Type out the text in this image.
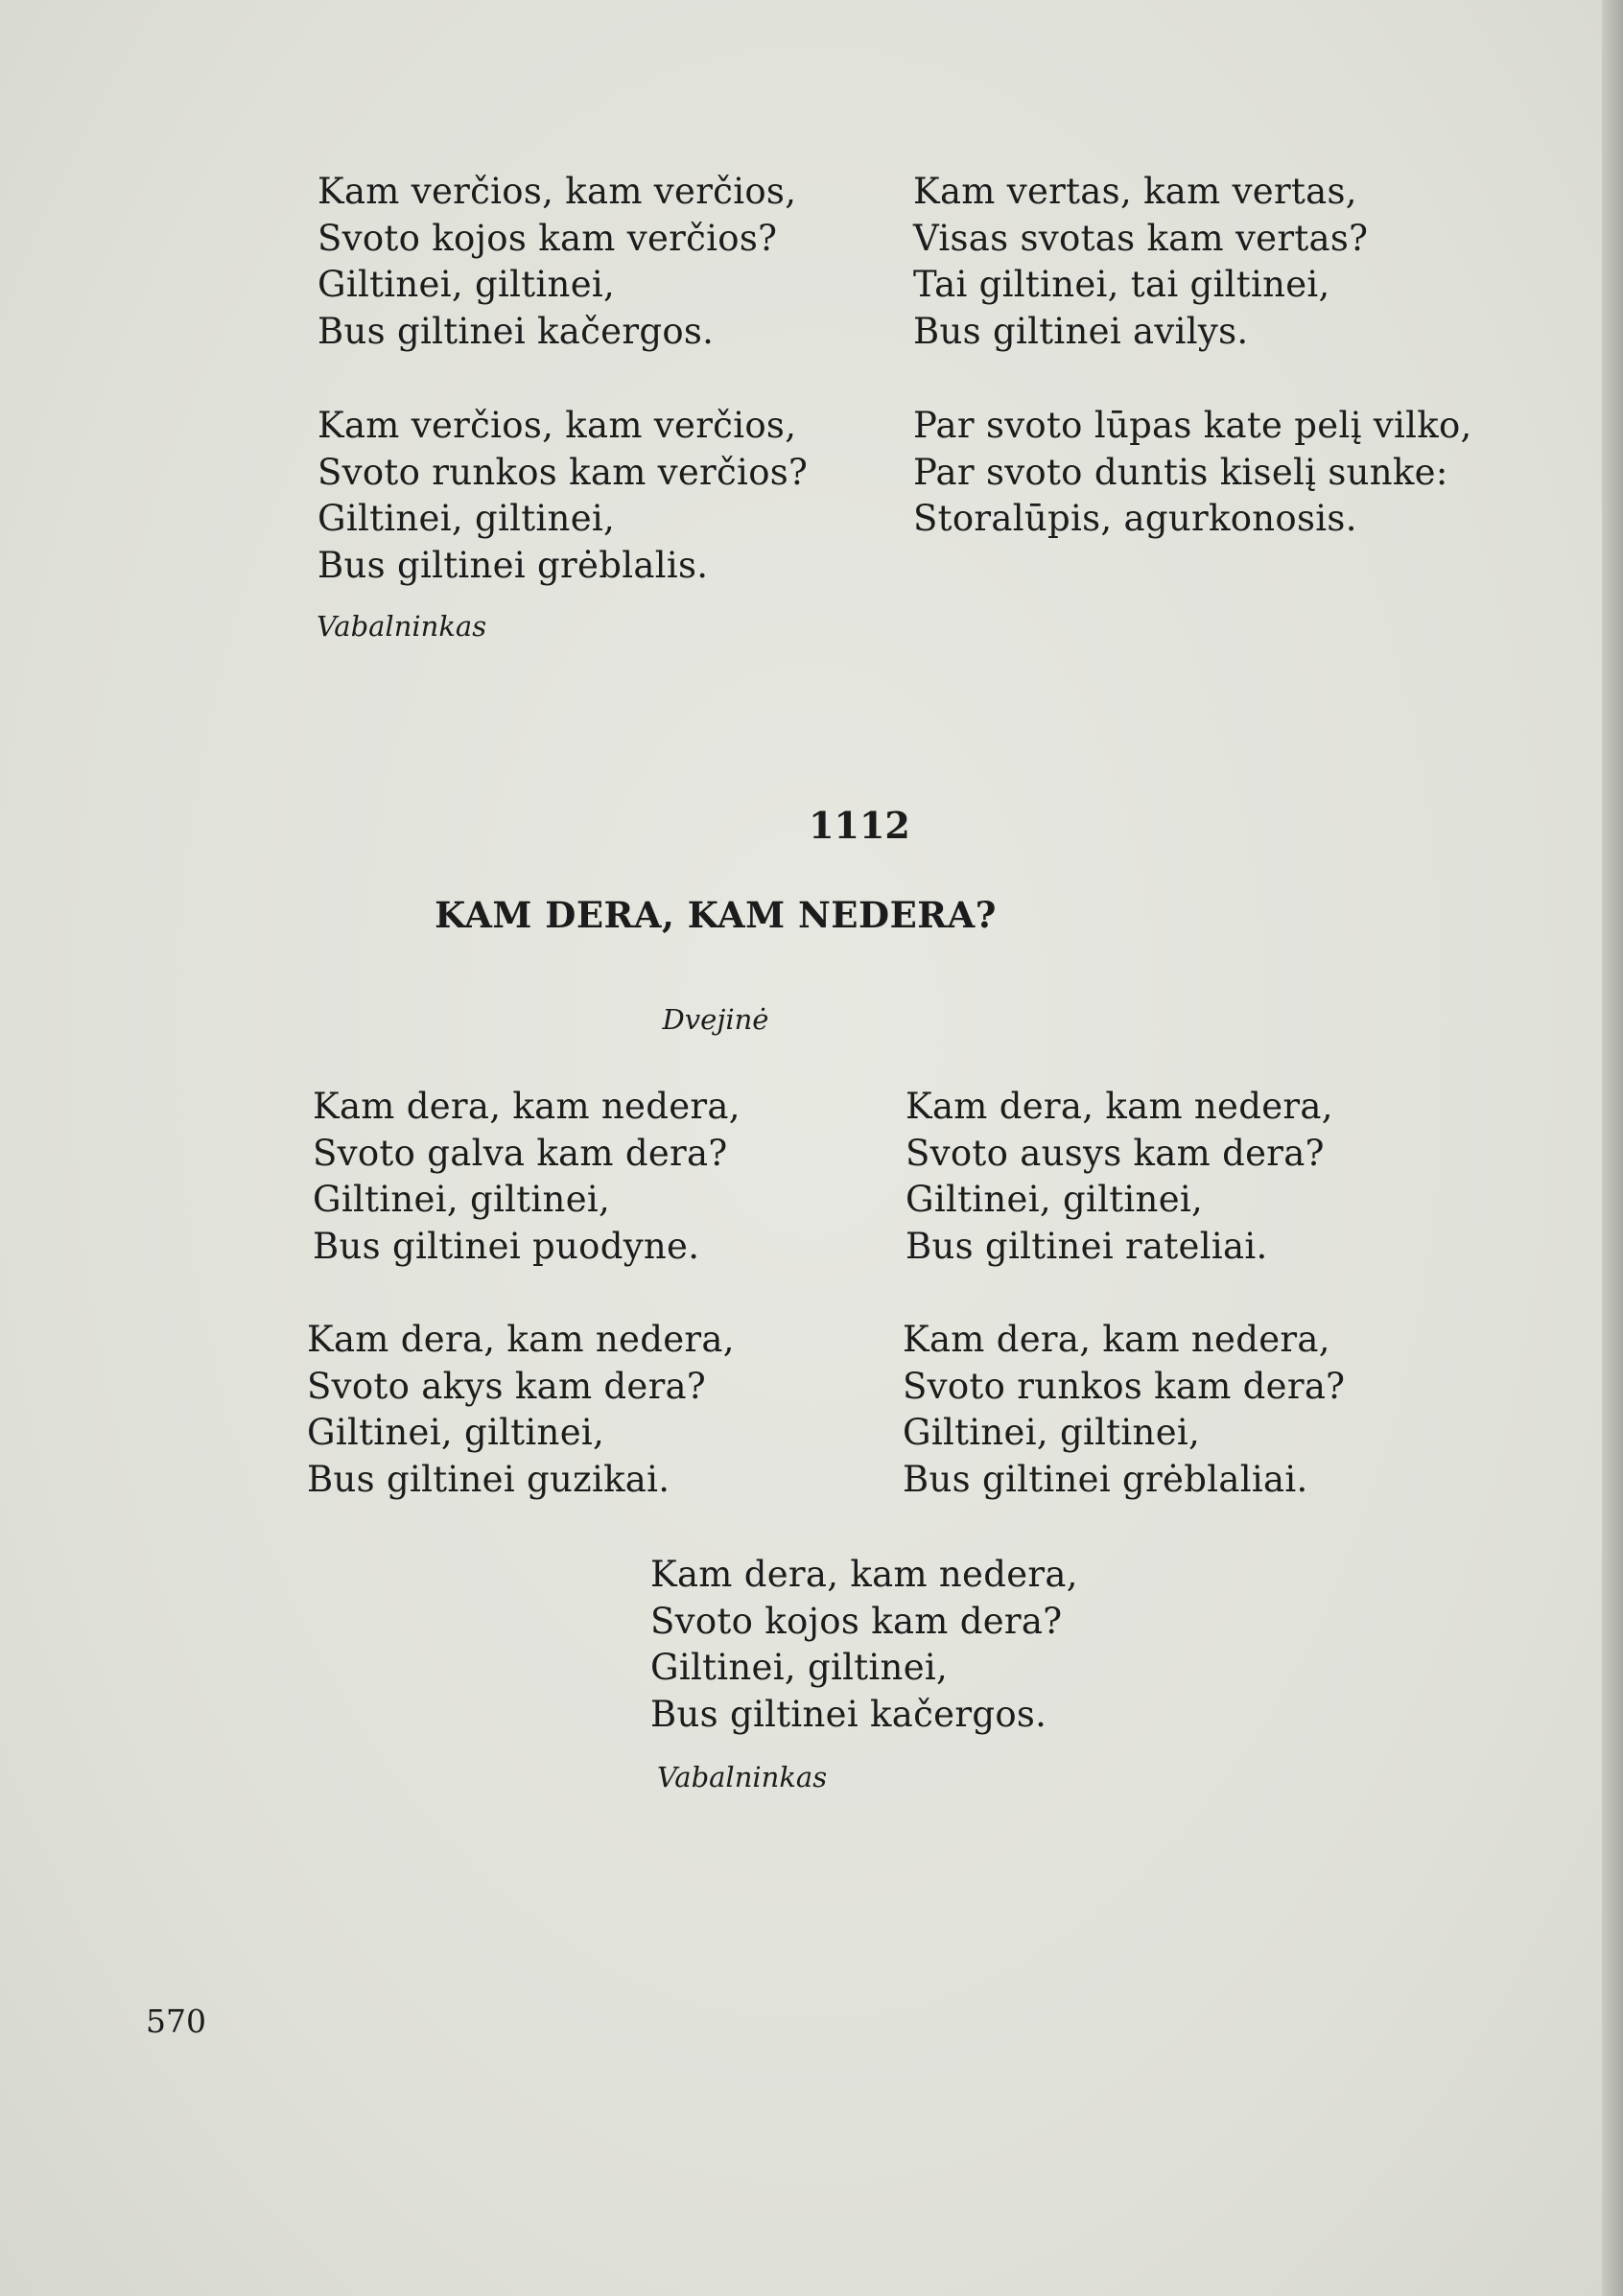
Kam verčios, kam verčios,
Svoto kojos kam verčios?
Giltinei, giltinei,
Bus giltinei kačergos.
Kam vertas, kam vertas,
Visas svotas kam vertas?
Tai giltinei, tai giltinei,
Bus giltinei avilys.
Kam verčios, kam verčios,
Svoto runkos kam verčios?
Giltinei, giltinei,
Bus giltinei grėblalis.
Par svoto lūpas kate pelį vilko,
Par svoto duntis kiselį sunke:
Storalūpis, agurkonosis.
Vabalninkas
1112
KAM DERA, KAM NEDERA?
Dvejinė
Kam dera, kam nedera,
Svoto galva kam dera?
Giltinei, giltinei,
Bus giltinei puodyne.
Kam dera, kam nedera,
Svoto ausys kam dera?
Giltinei, giltinei,
Bus giltinei rateliai.
Kam dera, kam nedera,
Svoto akys kam dera?
Giltinei, giltinei,
Bus giltinei guzikai.
Kam dera, kam nedera,
Svoto runkos kam dera?
Giltinei, giltinei,
Bus giltinei grėblaliai.
Kam dera, kam nedera,
Svoto kojos kam dera?
Giltinei, giltinei,
Bus giltinei kačergos.
Vabalninkas
570
